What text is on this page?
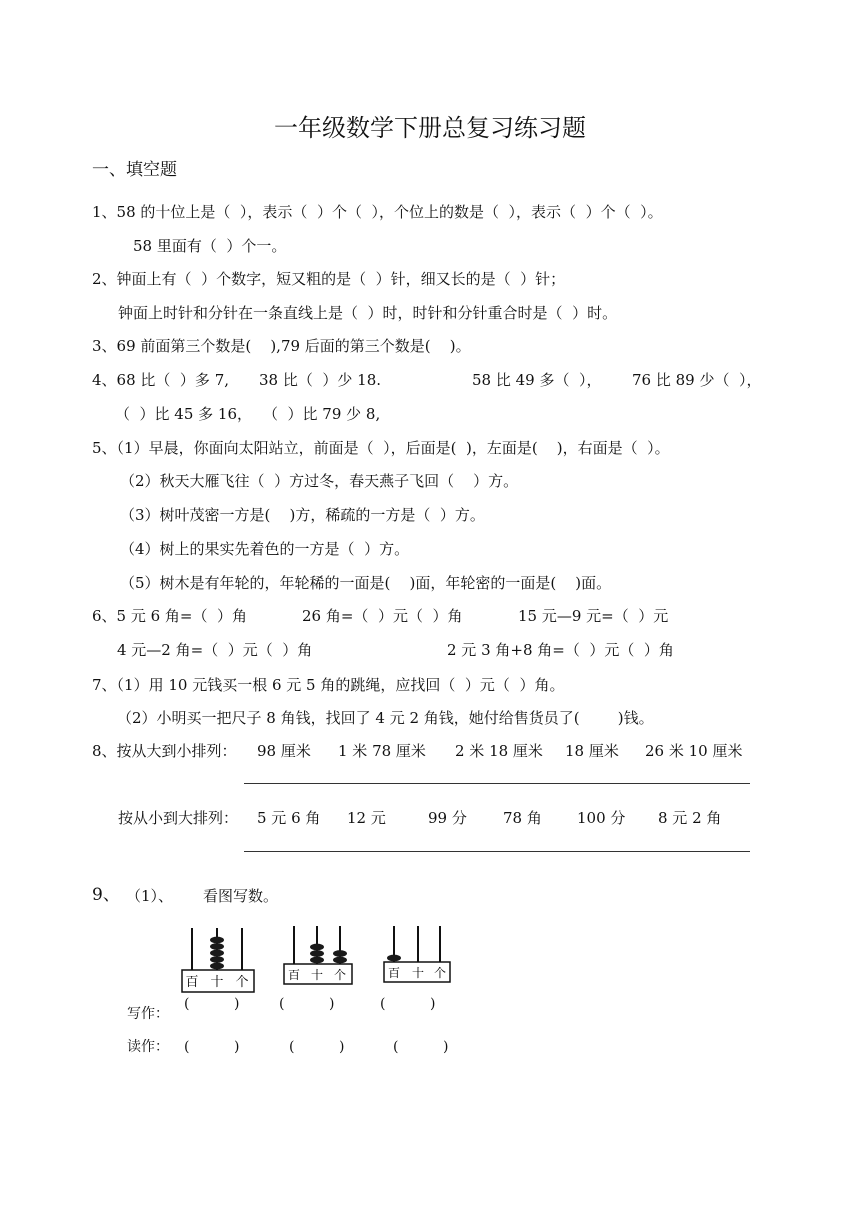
一年级数学下册总复习练习题
一、填空题
1、58 的十位上是（  ），表示（  ）个（  ），个位上的数是（  ），表示（  ）个（  ）。
58 里面有（  ）个一。
2、钟面上有（  ）个数字，短又粗的是（  ）针，细又长的是（  ）针；
钟面上时针和分针在一条直线上是（  ）时，时针和分针重合时是（  ）时。
3、69 前面第三个数是(    ),79 后面的第三个数是(    )。
4、68 比（  ）多 7, 38 比（  ）少 18.	58 比 49 多（  ）， 76 比 89 少（  ），
（  ）比 45 多 16， （  ）比 79 少 8,
5、（1）早晨，你面向太阳站立，前面是（  ），后面是(  )，左面是(    )，右面是（  ）。
（2）秋天大雁飞往（  ）方过冬，春天燕子飞回（    ）方。
（3）树叶茂密一方是(    )方，稀疏的一方是（  ）方。
（4）树上的果实先着色的一方是（  ）方。
（5）树木是有年轮的，年轮稀的一面是(    )面，年轮密的一面是(    )面。
6、5 元 6 角=（  ）角	26 角=（  ）元（  ）角	15 元—9 元=（  ）元
4 元—2 角=（  ）元（  ）角	2 元 3 角+8 角=（  ）元（  ）角
7、（1）用 10 元钱买一根 6 元 5 角的跳绳，应找回（  ）元（  ）角。
（2）小明买一把尺子 8 角钱，找回了 4 元 2 角钱，她付给售货员了(        )钱。
8、按从大到小排列： 98 厘米 1 米 78 厘米 2 米 18 厘米 18 厘米 26 米 10 厘米
按从小到大排列： 5 元 6 角 12 元	99 分 78 角 100 分 8 元 2 角
9、 （1）、 看图写数。
百 十 个	百 十 个	百 十 个
写作：
(          )	(          )	(          )
读作： (          )	(          )	(          )
